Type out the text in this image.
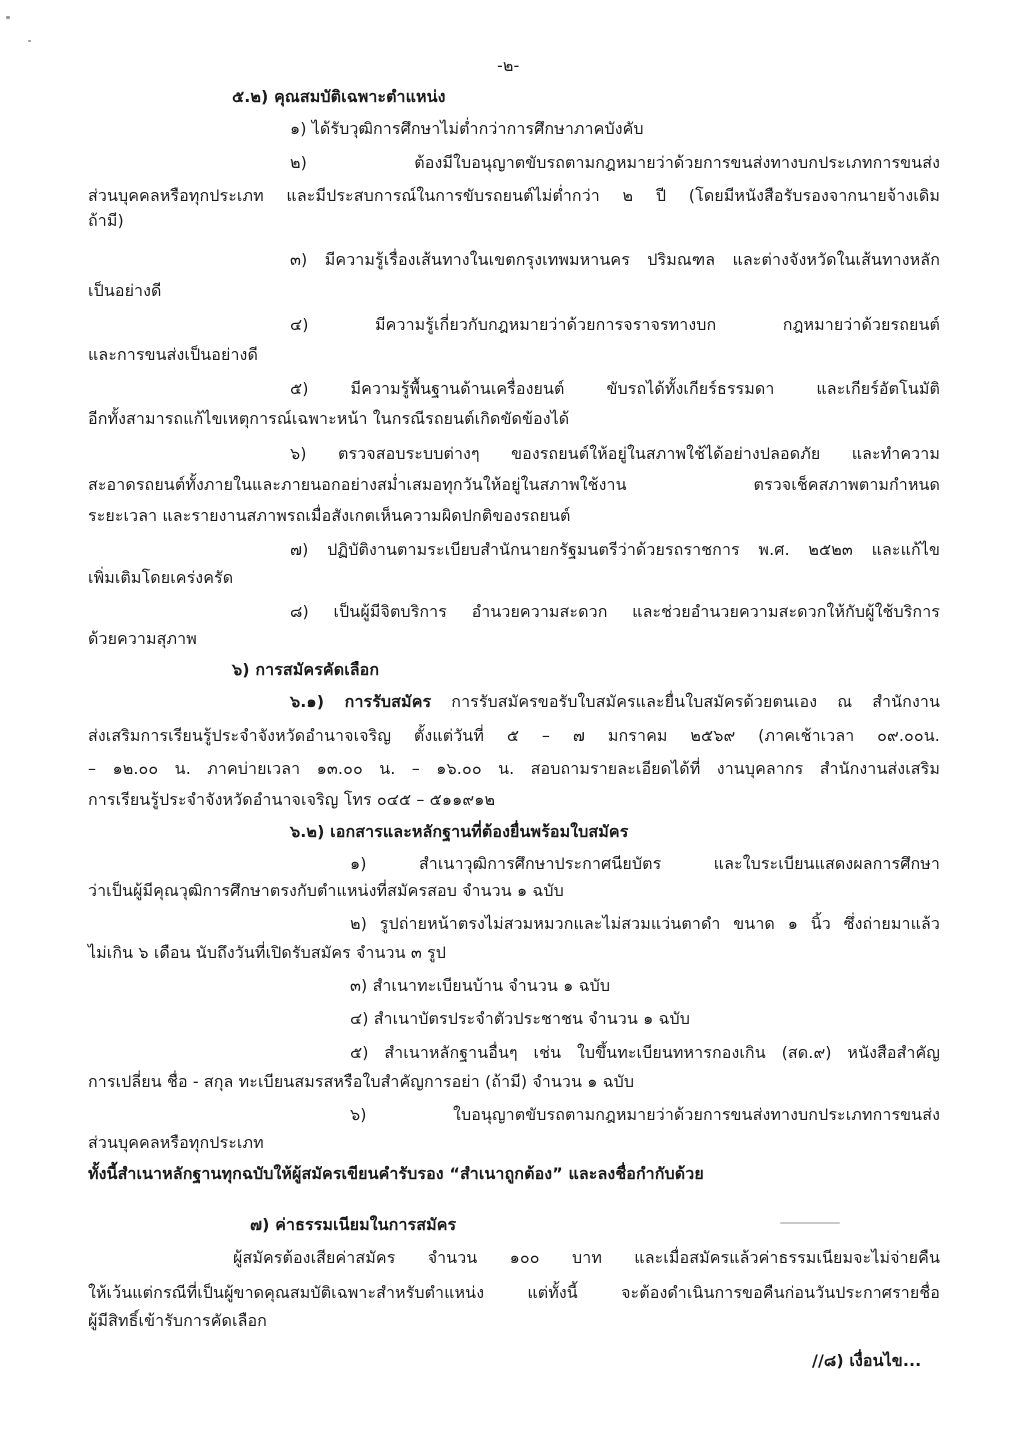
-๒-
๕.๒) คุณสมบัติเฉพาะตำแหน่ง
๑) ได้รับวุฒิการศึกษาไม่ต่ำกว่าการศึกษาภาคบังคับ
๒) ต้องมีใบอนุญาตขับรถตามกฎหมายว่าด้วยการขนส่งทางบกประเภทการขนส่ง
ส่วนบุคคลหรือทุกประเภท และมีประสบการณ์ในการขับรถยนต์ไม่ต่ำกว่า ๒ ปี (โดยมีหนังสือรับรองจากนายจ้างเดิม
ถ้ามี)
๓) มีความรู้เรื่องเส้นทางในเขตกรุงเทพมหานคร ปริมณฑล และต่างจังหวัดในเส้นทางหลัก
เป็นอย่างดี
๔) มีความรู้เกี่ยวกับกฎหมายว่าด้วยการจราจรทางบก กฎหมายว่าด้วยรถยนต์
และการขนส่งเป็นอย่างดี
๕) มีความรู้พื้นฐานด้านเครื่องยนต์ ขับรถได้ทั้งเกียร์ธรรมดา และเกียร์อัตโนมัติ
อีกทั้งสามารถแก้ไขเหตุการณ์เฉพาะหน้า ในกรณีรถยนต์เกิดขัดข้องได้
๖) ตรวจสอบระบบต่างๆ ของรถยนต์ให้อยู่ในสภาพใช้ได้อย่างปลอดภัย และทำความ
สะอาดรถยนต์ทั้งภายในและภายนอกอย่างสม่ำเสมอทุกวันให้อยู่ในสภาพใช้งาน ตรวจเช็คสภาพตามกำหนด
ระยะเวลา และรายงานสภาพรถเมื่อสังเกตเห็นความผิดปกติของรถยนต์
๗) ปฏิบัติงานตามระเบียบสำนักนายกรัฐมนตรีว่าด้วยรถราชการ พ.ศ. ๒๕๒๓ และแก้ไข
เพิ่มเติมโดยเคร่งครัด
๘) เป็นผู้มีจิตบริการ อำนวยความสะดวก และช่วยอำนวยความสะดวกให้กับผู้ใช้บริการ
ด้วยความสุภาพ
๖) การสมัครคัดเลือก
๖.๑) การรับสมัคร การรับสมัครขอรับใบสมัครและยื่นใบสมัครด้วยตนเอง ณ สำนักงาน
ส่งเสริมการเรียนรู้ประจำจังหวัดอำนาจเจริญ ตั้งแต่วันที่ ๕ – ๗ มกราคม ๒๕๖๙ (ภาคเช้าเวลา ๐๙.๐๐น.
– ๑๒.๐๐ น. ภาคบ่ายเวลา ๑๓.๐๐ น. – ๑๖.๐๐ น. สอบถามรายละเอียดได้ที่ งานบุคลากร สำนักงานส่งเสริม
การเรียนรู้ประจำจังหวัดอำนาจเจริญ โทร ๐๔๕ – ๕๑๑๙๑๒
๖.๒) เอกสารและหลักฐานที่ต้องยื่นพร้อมใบสมัคร
๑) สำเนาวุฒิการศึกษาประกาศนียบัตร และใบระเบียนแสดงผลการศึกษา
ว่าเป็นผู้มีคุณวุฒิการศึกษาตรงกับตำแหน่งที่สมัครสอบ จำนวน ๑ ฉบับ
๒) รูปถ่ายหน้าตรงไม่สวมหมวกและไม่สวมแว่นตาดำ ขนาด ๑ นิ้ว ซึ่งถ่ายมาแล้ว
ไม่เกิน ๖ เดือน นับถึงวันที่เปิดรับสมัคร จำนวน ๓ รูป
๓) สำเนาทะเบียนบ้าน จำนวน ๑ ฉบับ
๔) สำเนาบัตรประจำตัวประชาชน จำนวน ๑ ฉบับ
๕) สำเนาหลักฐานอื่นๆ เช่น ใบขึ้นทะเบียนทหารกองเกิน (สด.๙) หนังสือสำคัญ
การเปลี่ยน ชื่อ - สกุล ทะเบียนสมรสหรือใบสำคัญการอย่า (ถ้ามี) จำนวน ๑ ฉบับ
๖) ใบอนุญาตขับรถตามกฎหมายว่าด้วยการขนส่งทางบกประเภทการขนส่ง
ส่วนบุคคลหรือทุกประเภท
ทั้งนี้สำเนาหลักฐานทุกฉบับให้ผู้สมัครเขียนคำรับรอง “สำเนาถูกต้อง” และลงชื่อกำกับด้วย
๗) ค่าธรรมเนียมในการสมัคร
ผู้สมัครต้องเสียค่าสมัคร จำนวน ๑๐๐ บาท และเมื่อสมัครแล้วค่าธรรมเนียมจะไม่จ่ายคืน
ให้เว้นแต่กรณีที่เป็นผู้ขาดคุณสมบัติเฉพาะสำหรับตำแหน่ง แต่ทั้งนี้ จะต้องดำเนินการขอคืนก่อนวันประกาศรายชื่อ
ผู้มีสิทธิ์เข้ารับการคัดเลือก
//๘) เงื่อนไข...
